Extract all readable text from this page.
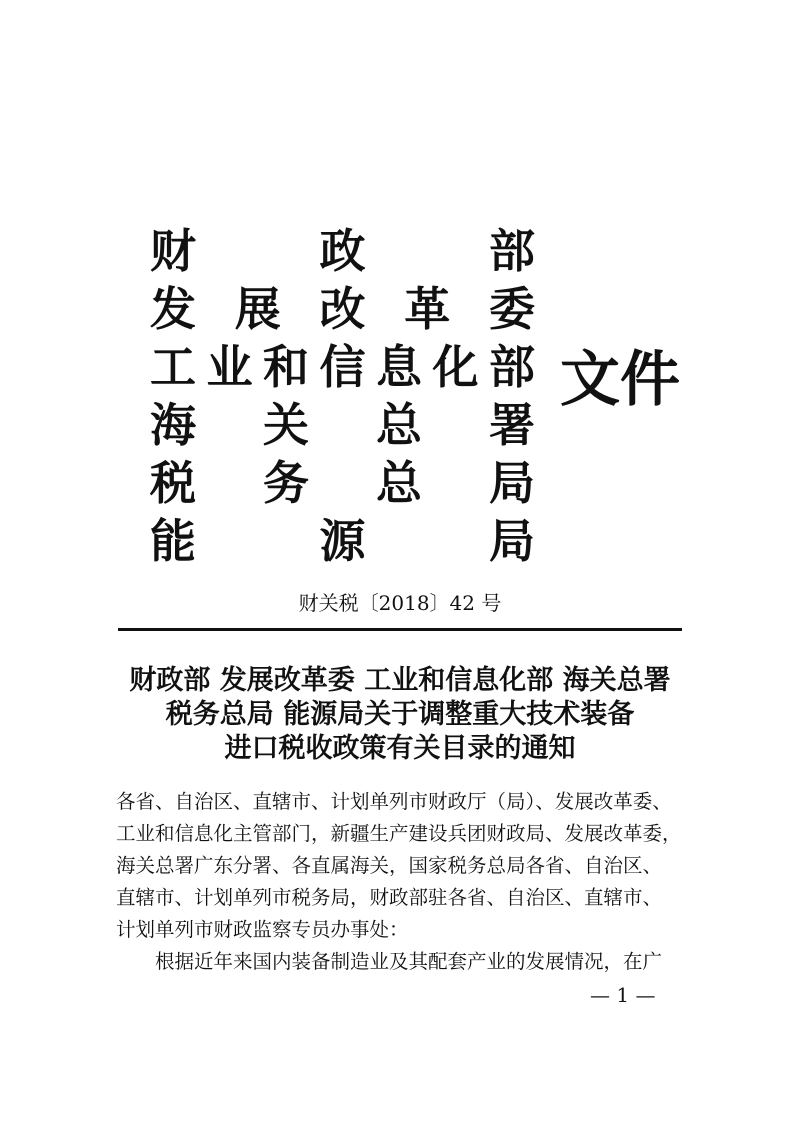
财	政	部
发 展 改 革 委
工 业 和 信 息 化 部
海 关 总 署
税 务 总 局
能	源	局
文件
财关税〔2018〕42 号
财政部 发展改革委 工业和信息化部 海关总署
税务总局 能源局关于调整重大技术装备
进口税收政策有关目录的通知
各省、自治区、直辖市、计划单列市财政厅（局）、发展改革委、
工业和信息化主管部门，新疆生产建设兵团财政局、发展改革委，
海关总署广东分署、各直属海关，国家税务总局各省、自治区、
直辖市、计划单列市税务局，财政部驻各省、自治区、直辖市、
计划单列市财政监察专员办事处：
根据近年来国内装备制造业及其配套产业的发展情况，在广
— 1 —
